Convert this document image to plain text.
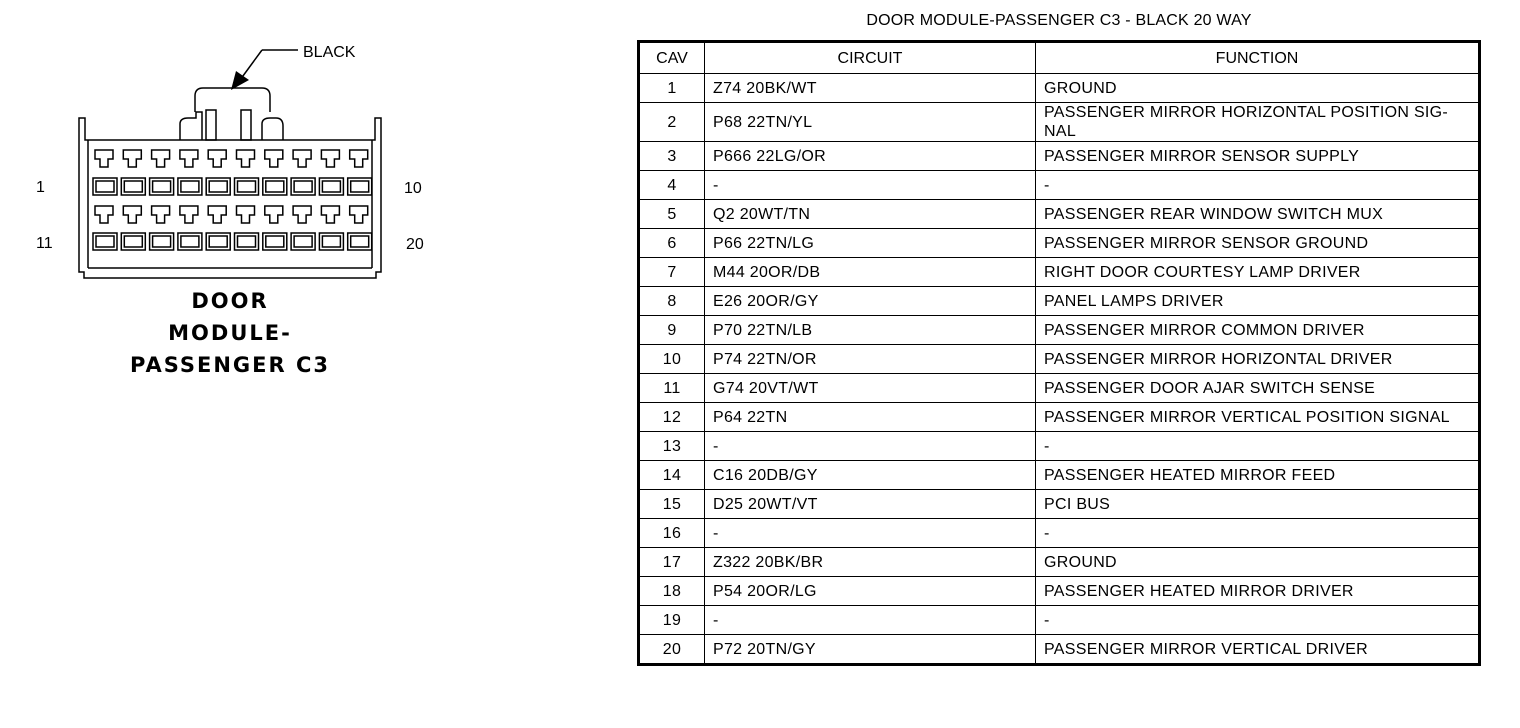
BLACK
1	10
11	20
DOOR
MODULE-
PASSENGER C3
DOOR MODULE-PASSENGER C3 - BLACK 20 WAY
CAV	CIRCUIT	FUNCTION
1	Z74 20BK/WT	GROUND
2	P68 22TN/YL	PASSENGER MIRROR HORIZONTAL POSITION SIG-NAL
3	P666 22LG/OR	PASSENGER MIRROR SENSOR SUPPLY
4	-	-
5	Q2 20WT/TN	PASSENGER REAR WINDOW SWITCH MUX
6	P66 22TN/LG	PASSENGER MIRROR SENSOR GROUND
7	M44 20OR/DB	RIGHT DOOR COURTESY LAMP DRIVER
8	E26 20OR/GY	PANEL LAMPS DRIVER
9	P70 22TN/LB	PASSENGER MIRROR COMMON DRIVER
10	P74 22TN/OR	PASSENGER MIRROR HORIZONTAL DRIVER
11	G74 20VT/WT	PASSENGER DOOR AJAR SWITCH SENSE
12	P64 22TN	PASSENGER MIRROR VERTICAL POSITION SIGNAL
13	-	-
14	C16 20DB/GY	PASSENGER HEATED MIRROR FEED
15	D25 20WT/VT	PCI BUS
16	-	-
17	Z322 20BK/BR	GROUND
18	P54 20OR/LG	PASSENGER HEATED MIRROR DRIVER
19	-	-
20	P72 20TN/GY	PASSENGER MIRROR VERTICAL DRIVER
